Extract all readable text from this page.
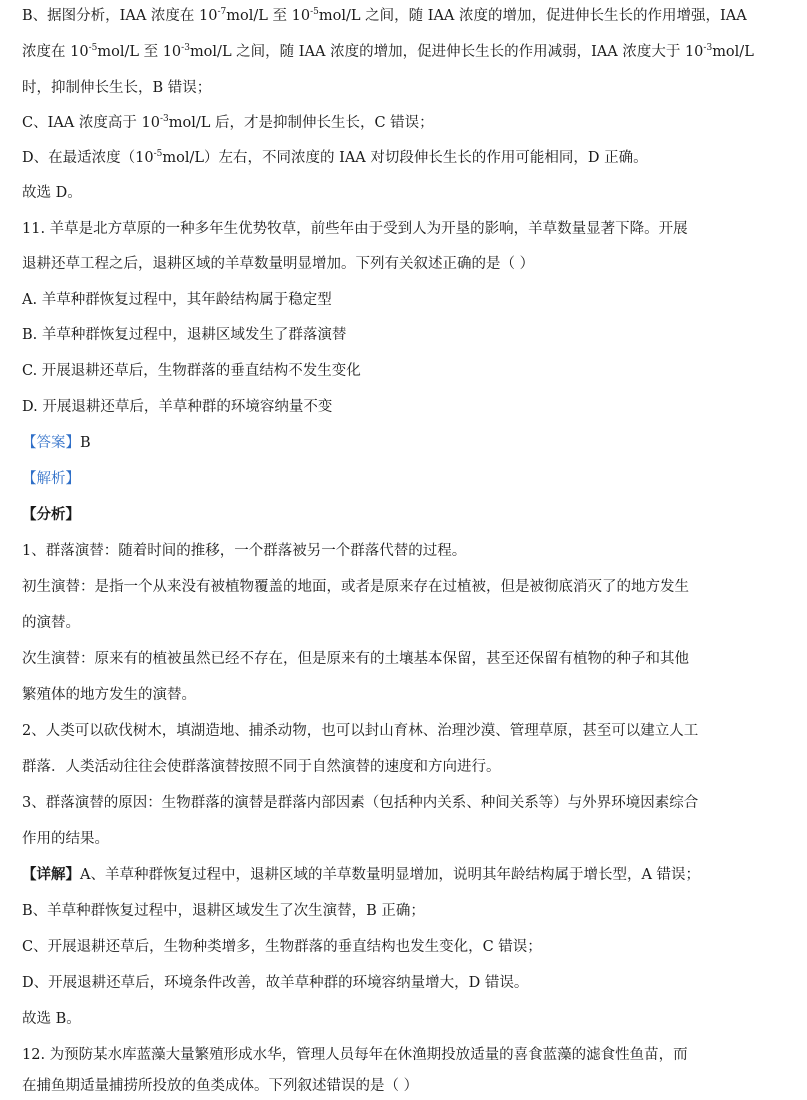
B、据图分析，IAA 浓度在 $10^{-7}mol/L$ 至 $10^{-5}mol/L$ 之间，随 IAA 浓度的增加，促进伸长生长的作用增强，IAA
浓度在 $10^{-5}mol/L$ 至 $10^{-3}mol/L$ 之间，随 IAA 浓度的增加，促进伸长生长的作用减弱，IAA 浓度大于 $10^{-3}mol/L$
时，抑制伸长生长，B 错误；
C、IAA 浓度高于 $10^{-3}mol/L$ 后，才是抑制伸长生长，C 错误；
D、在最适浓度$(10^{-5}mol/L)$左右，不同浓度的 IAA 对切段伸长生长的作用可能相同，D 正确。
故选 D。
11. 羊草是北方草原的一种多年生优势牧草，前些年由于受到人为开垦的影响，羊草数量显著下降。开展
退耕还草工程之后，退耕区域的羊草数量明显增加。下列有关叙述正确的是（ ）
A. 羊草种群恢复过程中，其年龄结构属于稳定型
B. 羊草种群恢复过程中，退耕区域发生了群落演替
C. 开展退耕还草后，生物群落的垂直结构不发生变化
D. 开展退耕还草后，羊草种群的环境容纳量不变
【答案】B
【解析】
【分析】
1、群落演替：随着时间的推移，一个群落被另一个群落代替的过程。
初生演替：是指一个从来没有被植物覆盖的地面，或者是原来存在过植被，但是被彻底消灭了的地方发生
的演替。
次生演替：原来有的植被虽然已经不存在，但是原来有的土壤基本保留，甚至还保留有植物的种子和其他
繁殖体的地方发生的演替。
2、人类可以砍伐树木，填湖造地、捕杀动物，也可以封山育林、治理沙漠、管理草原，甚至可以建立人工
群落．人类活动往往会使群落演替按照不同于自然演替的速度和方向进行。
3、群落演替的原因：生物群落的演替是群落内部因素（包括种内关系、种间关系等）与外界环境因素综合
作用的结果。
【详解】A、羊草种群恢复过程中，退耕区域的羊草数量明显增加，说明其年龄结构属于增长型，A 错误；
B、羊草种群恢复过程中，退耕区域发生了次生演替，B 正确；
C、开展退耕还草后，生物种类增多，生物群落的垂直结构也发生变化，C 错误；
D、开展退耕还草后，环境条件改善，故羊草种群的环境容纳量增大，D 错误。
故选 B。
12. 为预防某水库蓝藻大量繁殖形成水华，管理人员每年在休渔期投放适量的喜食蓝藻的滤食性鱼苗，而
在捕鱼期适量捕捞所投放的鱼类成体。下列叙述错误的是（ ）
